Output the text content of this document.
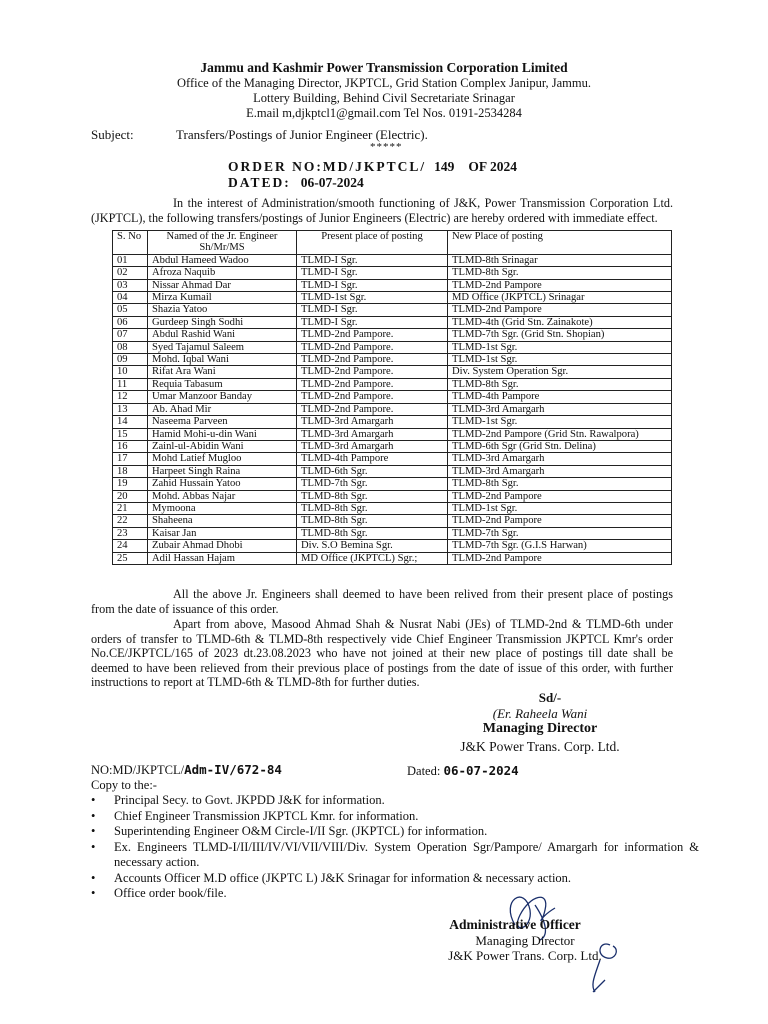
Jammu and Kashmir Power Transmission Corporation Limited
Office of the Managing Director, JKPTCL, Grid Station Complex Janipur, Jammu.
Lottery Building, Behind Civil Secretariate Srinagar
E.mail m,djkptcl1@gmail.com Tel Nos. 0191-2534284
Subject:	Transfers/Postings of Junior Engineer (Electric).
*****
ORDER NO:MD/JKPTCL/ 149 OF 2024
DATED: 06-07-2024
In the interest of Administration/smooth functioning of J&K, Power Transmission Corporation Ltd. (JKPTCL), the following transfers/postings of Junior Engineers (Electric) are hereby ordered with immediate effect.
S. No	Named of the Jr. Engineer Sh/Mr/MS	Present place of posting	New Place of posting
01	Abdul Hameed Wadoo	TLMD-I Sgr.	TLMD-8th Srinagar
02	Afroza Naquib	TLMD-I Sgr.	TLMD-8th Sgr.
03	Nissar Ahmad Dar	TLMD-I Sgr.	TLMD-2nd Pampore
04	Mirza Kumail	TLMD-1st Sgr.	MD Office (JKPTCL) Srinagar
05	Shazia Yatoo	TLMD-I Sgr.	TLMD-2nd Pampore
06	Gurdeep Singh Sodhi	TLMD-I Sgr.	TLMD-4th (Grid Stn. Zainakote)
07	Abdul Rashid Wani	TLMD-2nd Pampore.	TLMD-7th Sgr. (Grid Stn. Shopian)
08	Syed Tajamul Saleem	TLMD-2nd Pampore.	TLMD-1st Sgr.
09	Mohd. Iqbal Wani	TLMD-2nd Pampore.	TLMD-1st Sgr.
10	Rifat Ara Wani	TLMD-2nd Pampore.	Div. System Operation Sgr.
11	Requia Tabasum	TLMD-2nd Pampore.	TLMD-8th Sgr.
12	Umar Manzoor Banday	TLMD-2nd Pampore.	TLMD-4th Pampore
13	Ab. Ahad Mir	TLMD-2nd Pampore.	TLMD-3rd Amargarh
14	Naseema Parveen	TLMD-3rd Amargarh	TLMD-1st Sgr.
15	Hamid Mohi-u-din Wani	TLMD-3rd Amargarh	TLMD-2nd Pampore (Grid Stn. Rawalpora)
16	Zainl-ul-Abidin Wani	TLMD-3rd Amargarh	TLMD-6th Sgr (Grid Stn. Delina)
17	Mohd Latief Mugloo	TLMD-4th Pampore	TLMD-3rd Amargarh
18	Harpeet Singh Raina	TLMD-6th Sgr.	TLMD-3rd Amargarh
19	Zahid Hussain Yatoo	TLMD-7th Sgr.	TLMD-8th Sgr.
20	Mohd. Abbas Najar	TLMD-8th Sgr.	TLMD-2nd Pampore
21	Mymoona	TLMD-8th Sgr.	TLMD-1st Sgr.
22	Shaheena	TLMD-8th Sgr.	TLMD-2nd Pampore
23	Kaisar Jan	TLMD-8th Sgr.	TLMD-7th Sgr.
24	Zubair Ahmad Dhobi	Div. S.O Bemina Sgr.	TLMD-7th Sgr. (G.I.S Harwan)
25	Adil Hassan Hajam	MD Office (JKPTCL) Sgr.;	TLMD-2nd Pampore
All the above Jr. Engineers shall deemed to have been relived from their present place of postings from the date of issuance of this order.
Apart from above, Masood Ahmad Shah & Nusrat Nabi (JEs) of TLMD-2nd & TLMD-6th under orders of transfer to TLMD-6th & TLMD-8th respectively vide Chief Engineer Transmission JKPTCL Kmr's order No.CE/JKPTCL/165 of 2023 dt.23.08.2023 who have not joined at their new place of postings till date shall be deemed to have been relieved from their previous place of postings from the date of issue of this order, with further instructions to report at TLMD-6th & TLMD-8th for further duties.
Sd/-
(Er. Raheela Wani
Managing Director
J&K Power Trans. Corp. Ltd.
NO:MD/JKPTCL/Adm-IV/672-84	Dated: 06-07-2024
Copy to the:-
• Principal Secy. to Govt. JKPDD J&K for information.
• Chief Engineer Transmission JKPTCL Kmr. for information.
• Superintending Engineer O&M Circle-I/II Sgr. (JKPTCL) for information.
• Ex. Engineers TLMD-I/II/III/IV/VI/VII/VIII/Div. System Operation Sgr/Pampore/ Amargarh for information & necessary action.
• Accounts Officer M.D office (JKPTC L) J&K Srinagar for information & necessary action.
• Office order book/file.
Administrative Officer
Managing Director
J&K Power Trans. Corp. Ltd.
